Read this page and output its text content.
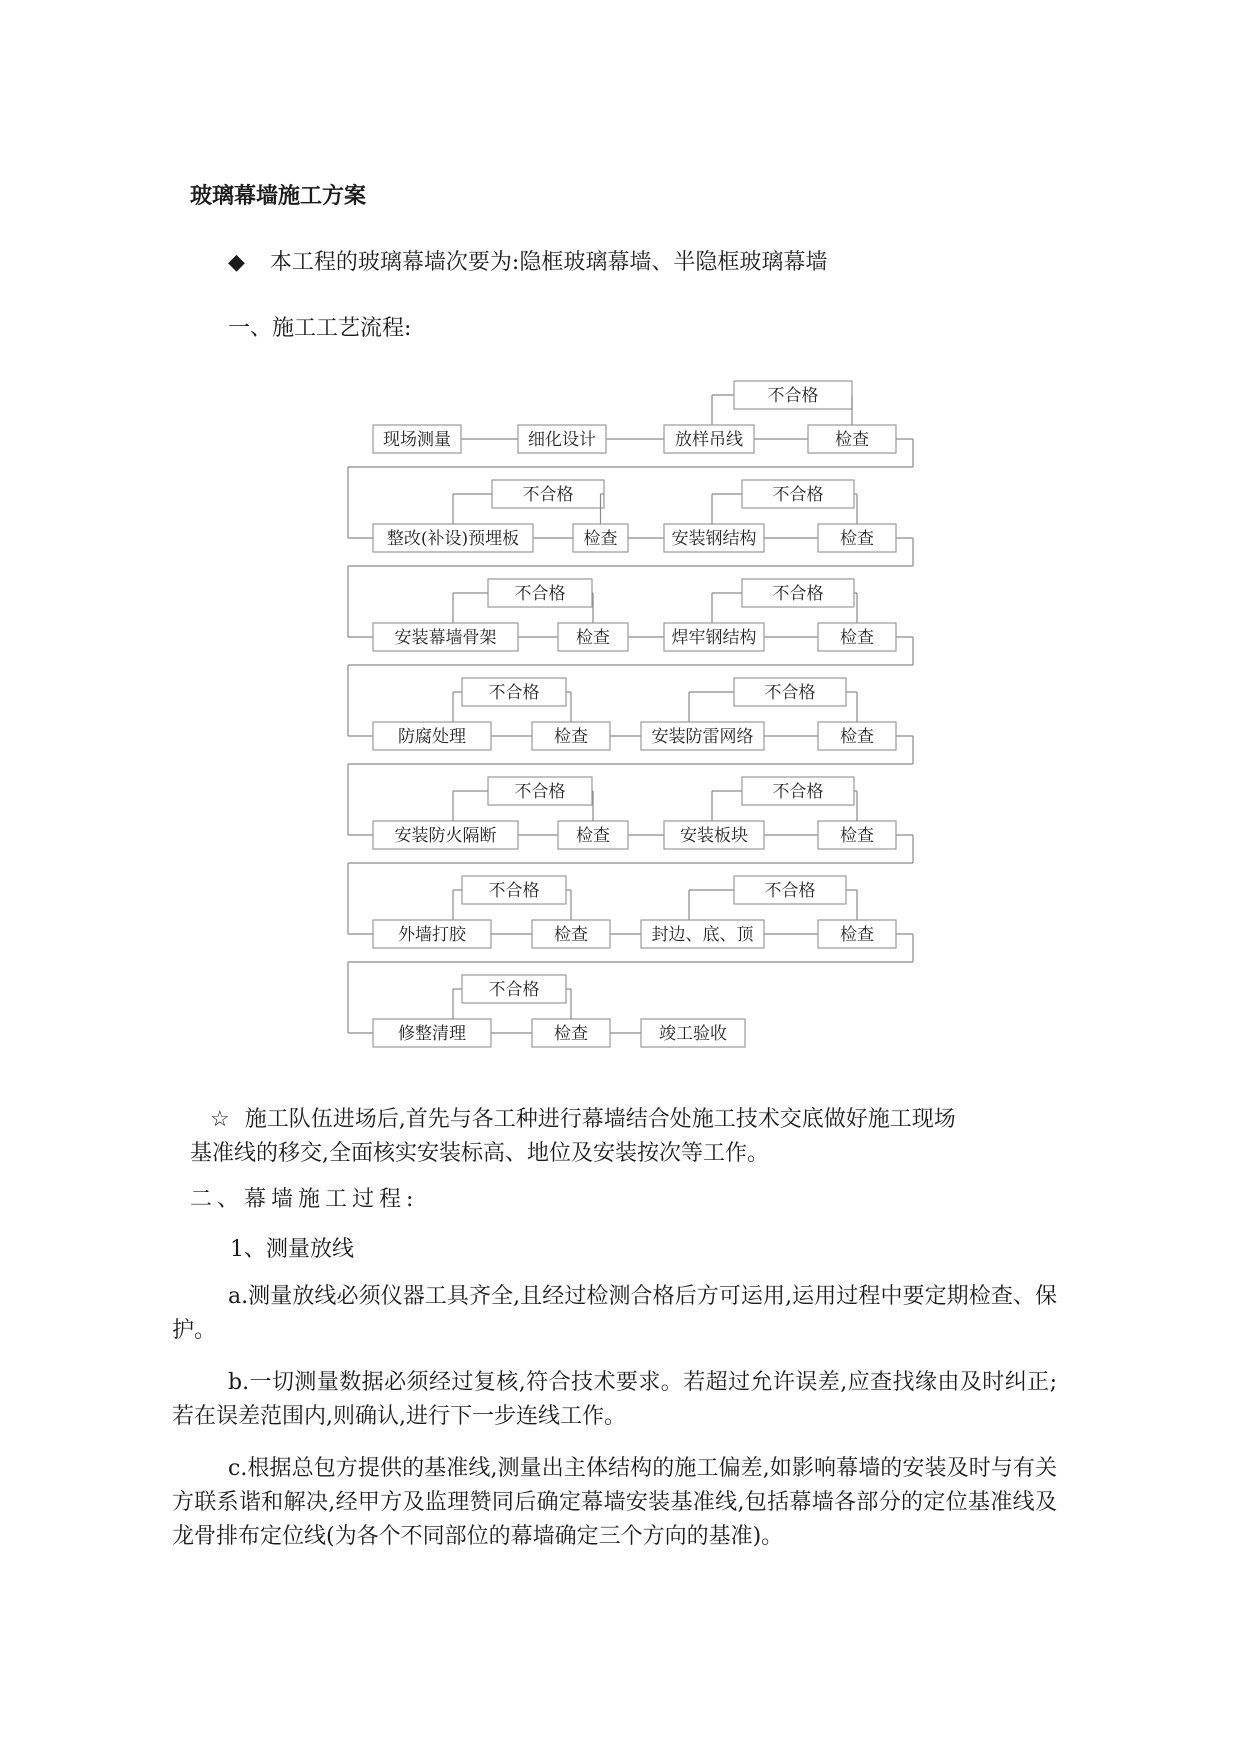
玻璃幕墙施工方案
◆ 本工程的玻璃幕墙次要为:隐框玻璃幕墙、半隐框玻璃幕墙
一、施工工艺流程:
现场测量	细化设计	放样吊线	检查
不合格
整改(补设)预埋板	检查	安装钢结构	检查
不合格	不合格
安装幕墙骨架	检查	焊牢钢结构	检查
不合格	不合格
防腐处理	检查	安装防雷网络	检查
不合格	不合格
安装防火隔断	检查	安装板块	检查
不合格	不合格
外墙打胶	检查	封边、底、顶	检查
不合格	不合格
修整清理	检查	竣工验收
不合格
☆ 施工队伍进场后,首先与各工种进行幕墙结合处施工技术交底做好施工现场
基准线的移交,全面核实安装标高、地位及安装按次等工作。
二、幕墙施工过程:
1、测量放线
a.测量放线必须仪器工具齐全,且经过检测合格后方可运用,运用过程中要定期检查、保护。
b.一切测量数据必须经过复核,符合技术要求。若超过允许误差,应查找缘由及时纠正;若在误差范围内,则确认,进行下一步连线工作。
c.根据总包方提供的基准线,测量出主体结构的施工偏差,如影响幕墙的安装及时与有关方联系谐和解决,经甲方及监理赞同后确定幕墙安装基准线,包括幕墙各部分的定位基准线及龙骨排布定位线(为各个不同部位的幕墙确定三个方向的基准)。
